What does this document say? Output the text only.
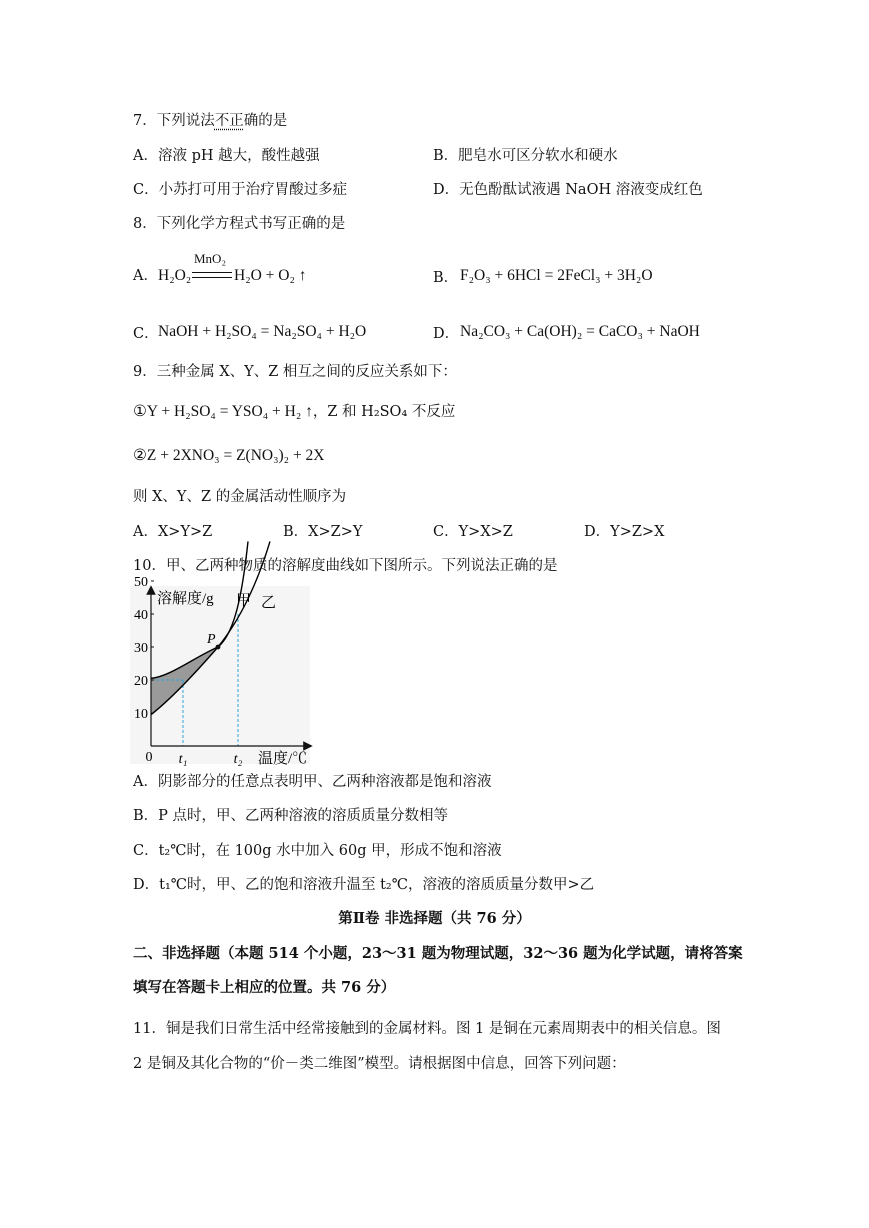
7．下列说法不正确的是
A．溶液 pH 越大，酸性越强	B．肥皂水可区分软水和硬水
C．小苏打可用于治疗胃酸过多症	D．无色酚酞试液遇 NaOH 溶液变成红色
8．下列化学方程式书写正确的是
A． H₂O₂
MnO₂
H₂O + O₂ ↑	B． F₂O₃ + 6HCl = 2FeCl₃ + 3H₂O
C． NaOH + H₂SO₄ = Na₂SO₄ + H₂O	D． Na₂CO₃ + Ca(OH)₂ = CaCO₃ + NaOH
9．三种金属 X、Y、Z 相互之间的反应关系如下：
①Y + H₂SO₄ = YSO₄ + H₂ ↑，Z 和 H₂SO₄ 不反应
②Z + 2XNO₃ = Z(NO₃)₂ + 2X
则 X、Y、Z 的金属活动性顺序为
A．X>Y>Z	B．X>Z>Y	C．Y>X>Z	D．Y>Z>X
10．甲、乙两种物质的溶解度曲线如下图所示。下列说法正确的是
P
10
20
30
40
50
0 t₁	t₂
溶解度/g
温度/℃
甲 乙
A．阴影部分的任意点表明甲、乙两种溶液都是饱和溶液
B．P 点时，甲、乙两种溶液的溶质质量分数相等
C．t₂℃时，在 100g 水中加入 60g 甲，形成不饱和溶液
D．t₁℃时，甲、乙的饱和溶液升温至 t₂℃，溶液的溶质质量分数甲>乙
第Ⅱ卷 非选择题（共 76 分）
二、非选择题（本题 514 个小题，23～31 题为物理试题，32～36 题为化学试题，请将答案
填写在答题卡上相应的位置。共 76 分）
11．铜是我们日常生活中经常接触到的金属材料。图 1 是铜在元素周期表中的相关信息。图
2 是铜及其化合物的“价－类二维图”模型。请根据图中信息，回答下列问题：
